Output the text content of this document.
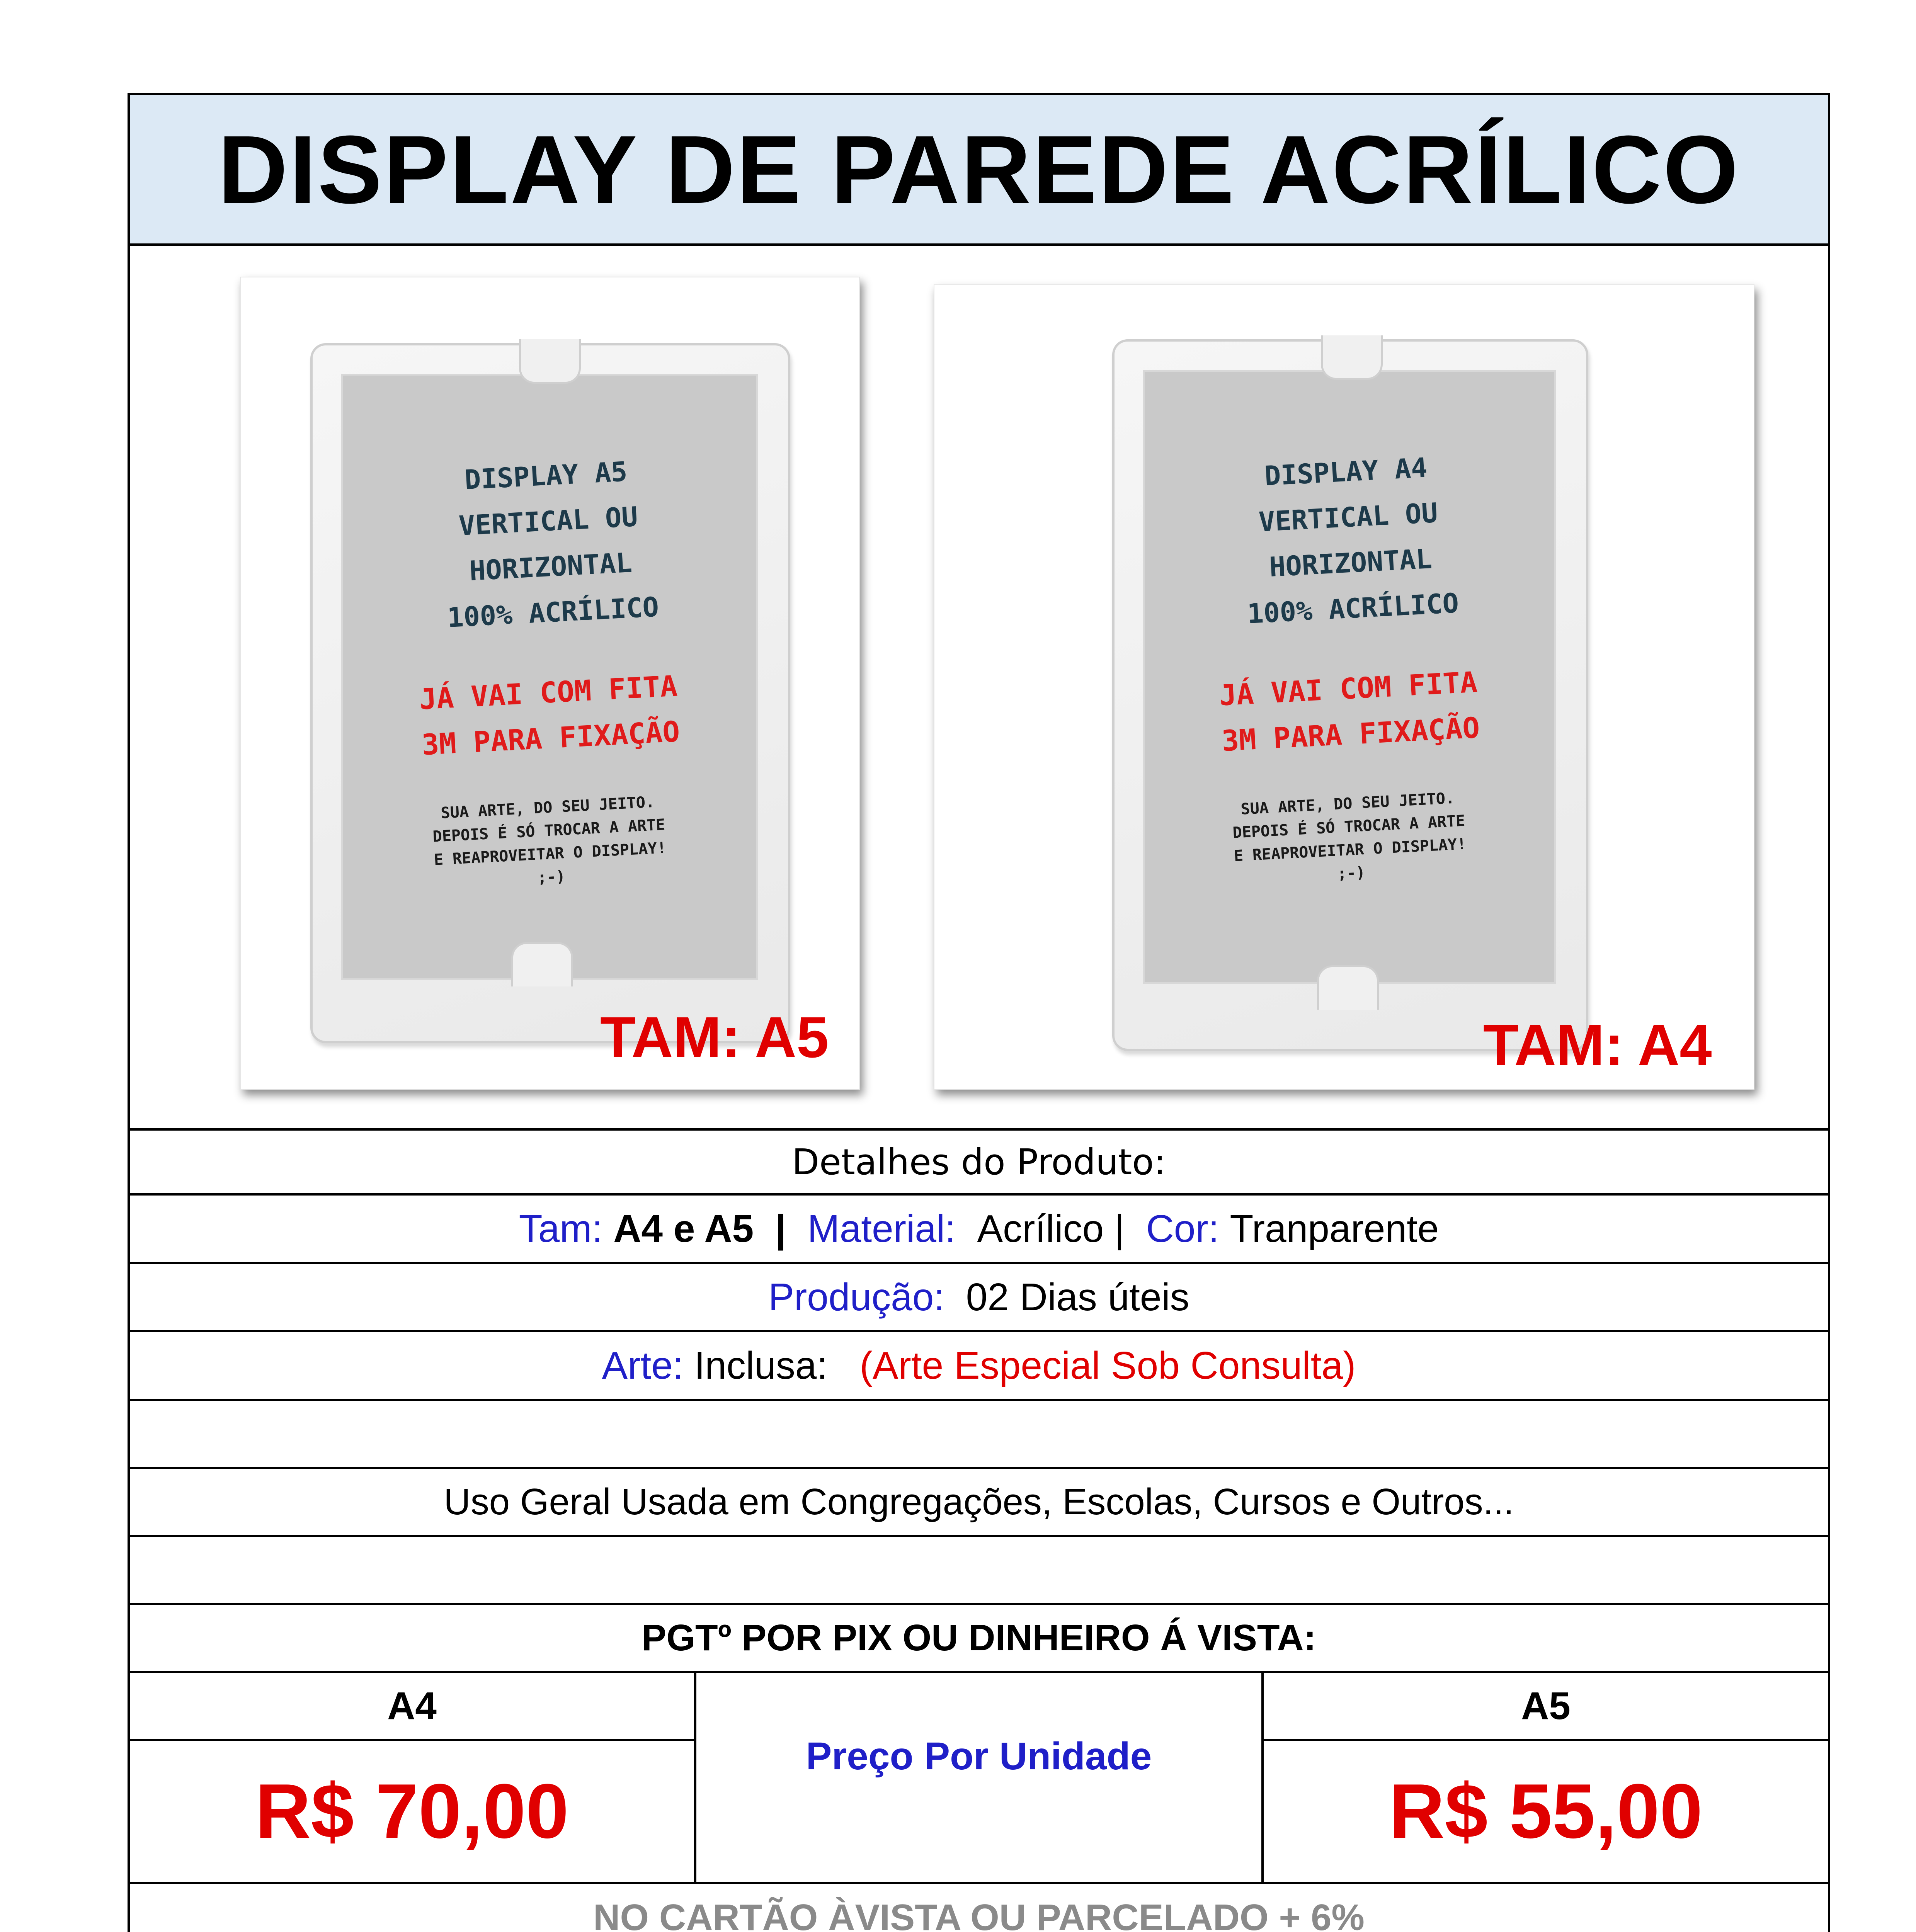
DISPLAY DE PAREDE ACRÍLICO
DISPLAY A5
VERTICAL OU
HORIZONTAL
100% ACRÍLICO
JÁ VAI COM FITA
3M PARA FIXAÇÃO
SUA ARTE, DO SEU JEITO.
DEPOIS É SÓ TROCAR A ARTE
E REAPROVEITAR O DISPLAY!
;-)
TAM: A5
DISPLAY A4
VERTICAL OU
HORIZONTAL
100% ACRÍLICO
JÁ VAI COM FITA
3M PARA FIXAÇÃO
SUA ARTE, DO SEU JEITO.
DEPOIS É SÓ TROCAR A ARTE
E REAPROVEITAR O DISPLAY!
;-)
TAM: A4
Detalhes do Produto:
Tam:
A4 e A5
|
Material:
Acrílico |
Cor:
Tranparente
Produção:
02 Dias úteis
Arte:
Inclusa:
(Arte Especial Sob Consulta)
Uso Geral Usada em Congregações, Escolas, Cursos e Outros...
PGTº POR PIX OU DINHEIRO Á VISTA:
A4	A5
R$ 70,00	R$ 55,00
Preço Por Unidade
NO CARTÃO ÀVISTA OU PARCELADO + 6%
